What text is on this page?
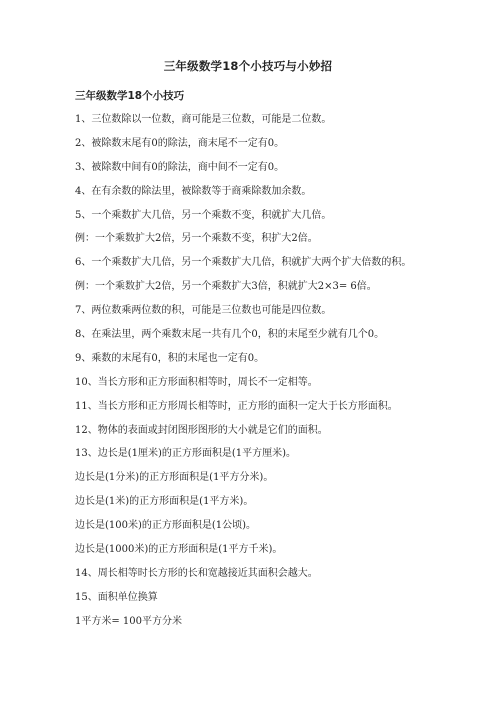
三年级数学18个小技巧与小妙招
三年级数学18个小技巧
1、三位数除以一位数，商可能是三位数，可能是二位数。
2、被除数末尾有0的除法，商末尾不一定有0。
3、被除数中间有0的除法，商中间不一定有0。
4、在有余数的除法里，被除数等于商乘除数加余数。
5、一个乘数扩大几倍，另一个乘数不变，积就扩大几倍。
例：一个乘数扩大2倍，另一个乘数不变，积扩大2倍。
6、一个乘数扩大几倍，另一个乘数扩大几倍，积就扩大两个扩大倍数的积。
例：一个乘数扩大2倍，另一个乘数扩大3倍，积就扩大2×3= 6倍。
7、两位数乘两位数的积，可能是三位数也可能是四位数。
8、在乘法里，两个乘数末尾一共有几个0，积的末尾至少就有几个0。
9、乘数的末尾有0，积的末尾也一定有0。
10、当长方形和正方形面积相等时，周长不一定相等。
11、当长方形和正方形周长相等时，正方形的面积一定大于长方形面积。
12、物体的表面或封闭图形图形的大小就是它们的面积。
13、边长是(1厘米)的正方形面积是(1平方厘米)。
边长是(1分米)的正方形面积是(1平方分米)。
边长是(1米)的正方形面积是(1平方米)。
边长是(100米)的正方形面积是(1公顷)。
边长是(1000米)的正方形面积是(1平方千米)。
14、周长相等时长方形的长和宽越接近其面积会越大。
15、面积单位换算
1平方米= 100平方分米
